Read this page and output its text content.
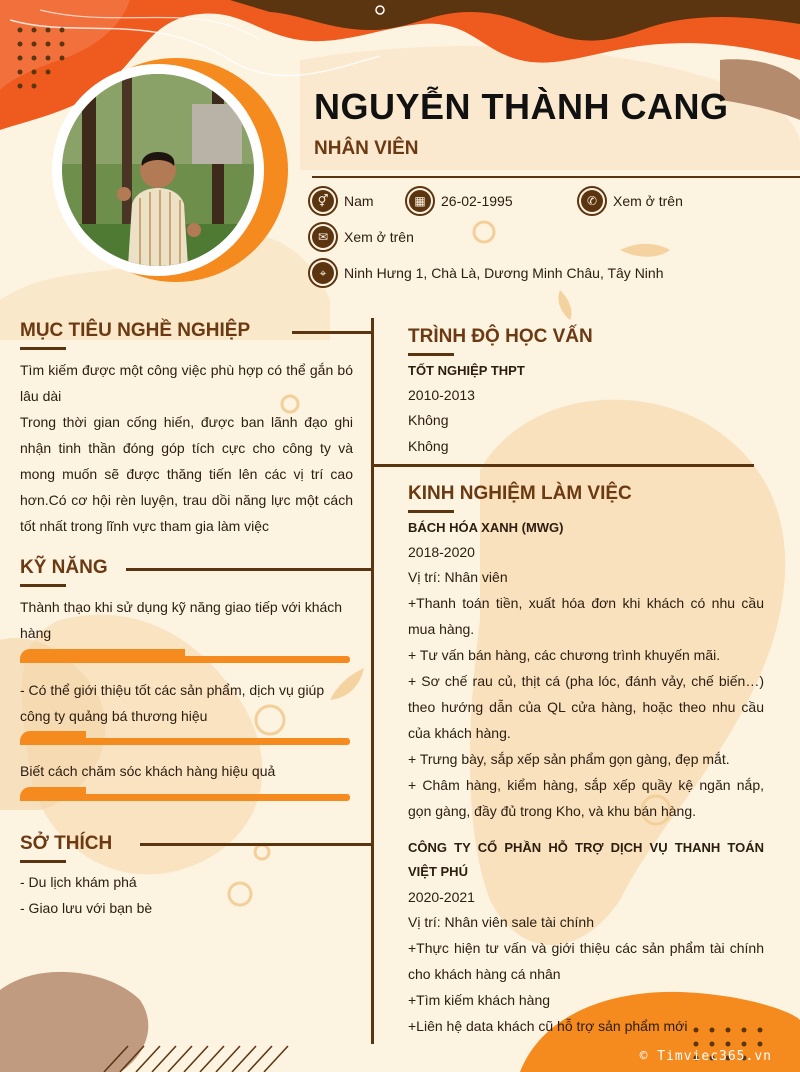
NGUYỄN THÀNH CANG
NHÂN VIÊN
⚥	Nam	▦	26-02-1995	✆	Xem ở trên
✉	Xem ở trên
⌖	Ninh Hưng 1, Chà Là, Dương Minh Châu, Tây Ninh
MỤC TIÊU NGHỀ NGHIỆP
Tìm kiếm được một công việc phù hợp có thể gắn bó lâu dài
Trong thời gian cống hiến, được ban lãnh đạo ghi nhận tinh thần đóng góp tích cực cho công ty và mong muốn sẽ được thăng tiến lên các vị trí cao hơn.Có cơ hội rèn luyện, trau dồi năng lực một cách tốt nhất trong lĩnh vực tham gia làm việc
KỸ NĂNG
Thành thạo khi sử dụng kỹ năng giao tiếp với khách hàng
- Có thể giới thiệu tốt các sản phẩm, dịch vụ giúp công ty quảng bá thương hiệu
Biết cách chăm sóc khách hàng hiệu quả
SỞ THÍCH
- Du lịch khám phá
- Giao lưu với bạn bè
TRÌNH ĐỘ HỌC VẤN
TỐT NGHIỆP THPT
2010-2013
Không
Không
KINH NGHIỆM LÀM VIỆC
BÁCH HÓA XANH (MWG)
2018-2020
Vị trí: Nhân viên
+Thanh toán tiền, xuất hóa đơn khi khách có nhu cầu mua hàng.
+ Tư vấn bán hàng, các chương trình khuyến mãi.
+ Sơ chế rau củ, thịt cá (pha lóc, đánh vảy, chế biến…) theo hướng dẫn của QL cửa hàng, hoặc theo nhu cầu của khách hàng.
+ Trưng bày, sắp xếp sản phẩm gọn gàng, đẹp mắt.
+ Châm hàng, kiểm hàng, sắp xếp quầy kệ ngăn nắp, gọn gàng, đầy đủ trong Kho, và khu bán hàng.
CÔNG TY CỔ PHẦN HỖ TRỢ DỊCH VỤ THANH TOÁN VIỆT PHÚ
2020-2021
Vị trí: Nhân viên sale tài chính
+Thực hiện tư vấn và giới thiệu các sản phẩm tài chính cho khách hàng cá nhân
+Tìm kiếm khách hàng
+Liên hệ data khách cũ hỗ trợ sản phẩm mới
© Timviec365.vn
